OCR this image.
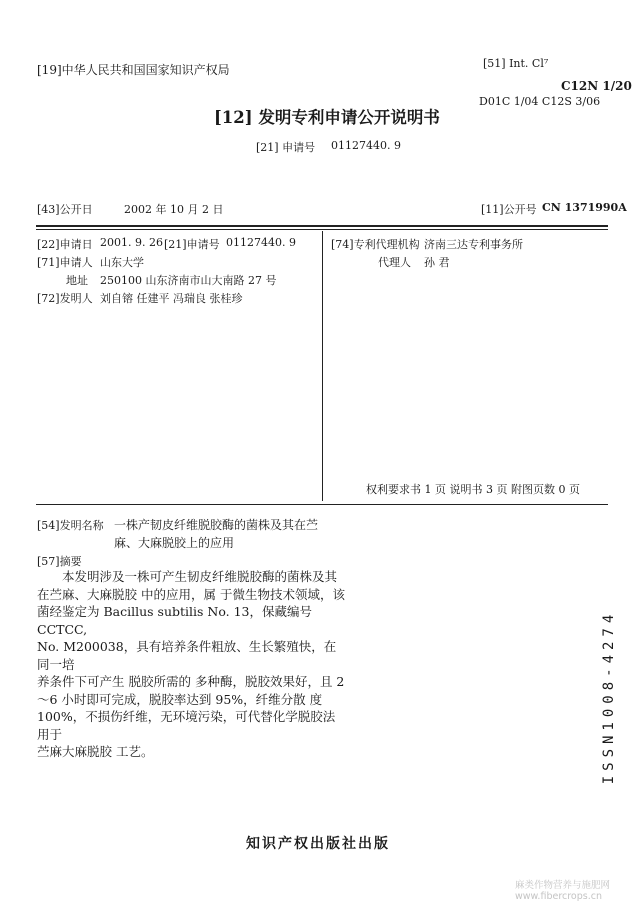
[19]中华人民共和国国家知识产权局	[51] Int. Cl⁷
C12N 1/20
D01C 1/04 C12S 3/06
[12] 发明专利申请公开说明书
[21] 申请号 01127440. 9
[43]公开日	2002 年 10 月 2 日	[11]公开号 CN 1371990A
[22]申请日 2001. 9. 26 [21]申请号 01127440. 9
[71]申请人 山东大学
地址 250100 山东济南市山大南路 27 号
[72]发明人 刘自镕 任建平 冯瑞良 张桂珍
[74]专利代理机构 济南三达专利事务所
代理人 孙 君
权利要求书 1 页 说明书 3 页 附图页数 0 页
[54]发明名称 一株产韧皮纤维脱胶酶的菌株及其在苎
麻、大麻脱胶上的应用
[57]摘要
本发明涉及一株可产生韧皮纤维脱胶酶的菌株及其
在苎麻、大麻脱胶 中的应用，属 于微生物技术领域，该
菌经鉴定为 Bacillus subtilis No. 13，保藏编号 CCTCC,
No. M200038，具有培养条件粗放、生长繁殖快，在同一培
养条件下可产生 脱胶所需的 多种酶，脱胶效果好，且 2
～6 小时即可完成，脱胶率达到 95%，纤维分散 度
100%，不损伤纤维，无环境污染，可代替化学脱胶法用于
苎麻大麻脱胶 工艺。	ISSN1008-4274
知识产权出版社出版
麻类作物营养与施肥网
www.fibercrops.cn
